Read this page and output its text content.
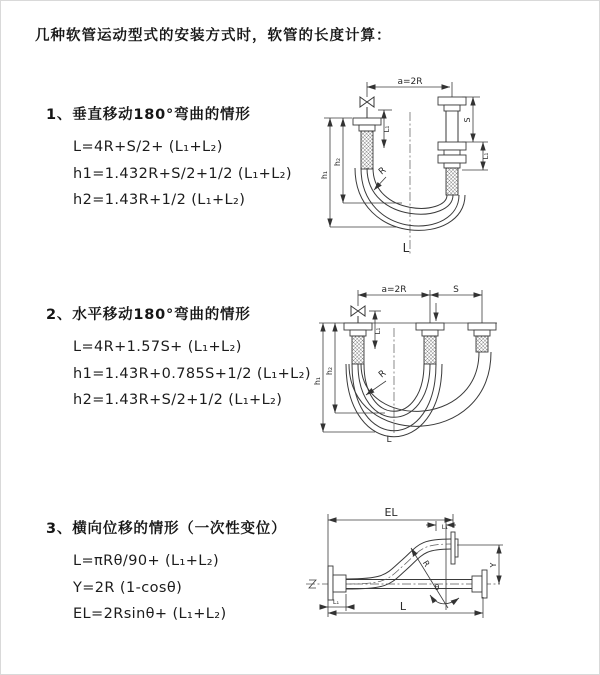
几种软管运动型式的安装方式时，软管的长度计算：
1、垂直移动180°弯曲的情形
L=4R+S/2+ (L₁+L₂)
h1=1.432R+S/2+1/2 (L₁+L₂)
h2=1.43R+1/2 (L₁+L₂)
2、水平移动180°弯曲的情形
L=4R+1.57S+ (L₁+L₂)
h1=1.43R+0.785S+1/2 (L₁+L₂)
h2=1.43R+S/2+1/2 (L₁+L₂)
3、横向位移的情形（一次性变位）
L=πRθ/90+ (L₁+L₂)
Y=2R (1-cosθ)
EL=2Rsinθ+ (L₁+L₂)
a=2R
S
L₁
L₁
h₁
h₂
R
L
a=2R	S
L₁
h₁
h₂	R
L
EL
L₁
R
θ
Y
L₁	L
